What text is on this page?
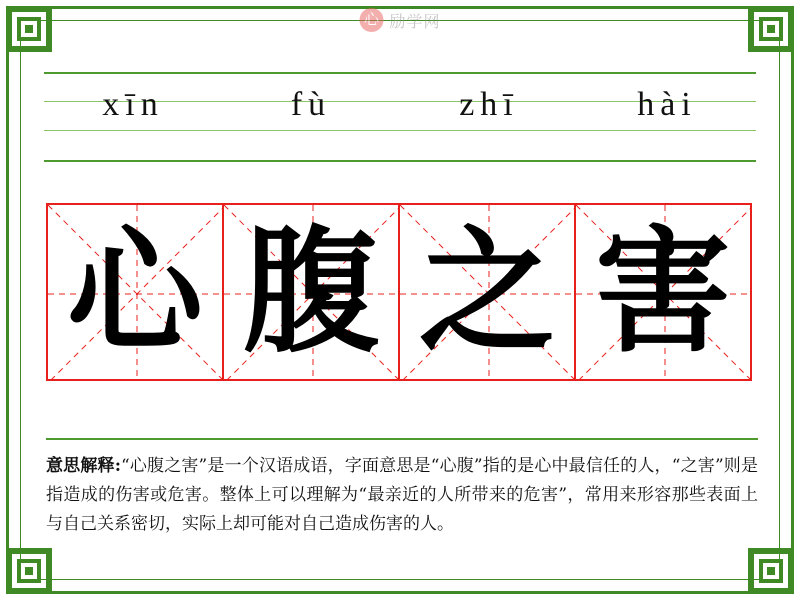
心 励学网
xīn	fù	zhī	hài
心 腹 之 害
意思解释:“心腹之害”是一个汉语成语，字面意思是“心腹”指的是心中最信任的人，“之害”则是指造成的伤害或危害。整体上可以理解为“最亲近的人所带来的危害”，常用来形容那些表面上与自己关系密切，实际上却可能对自己造成伤害的人。
